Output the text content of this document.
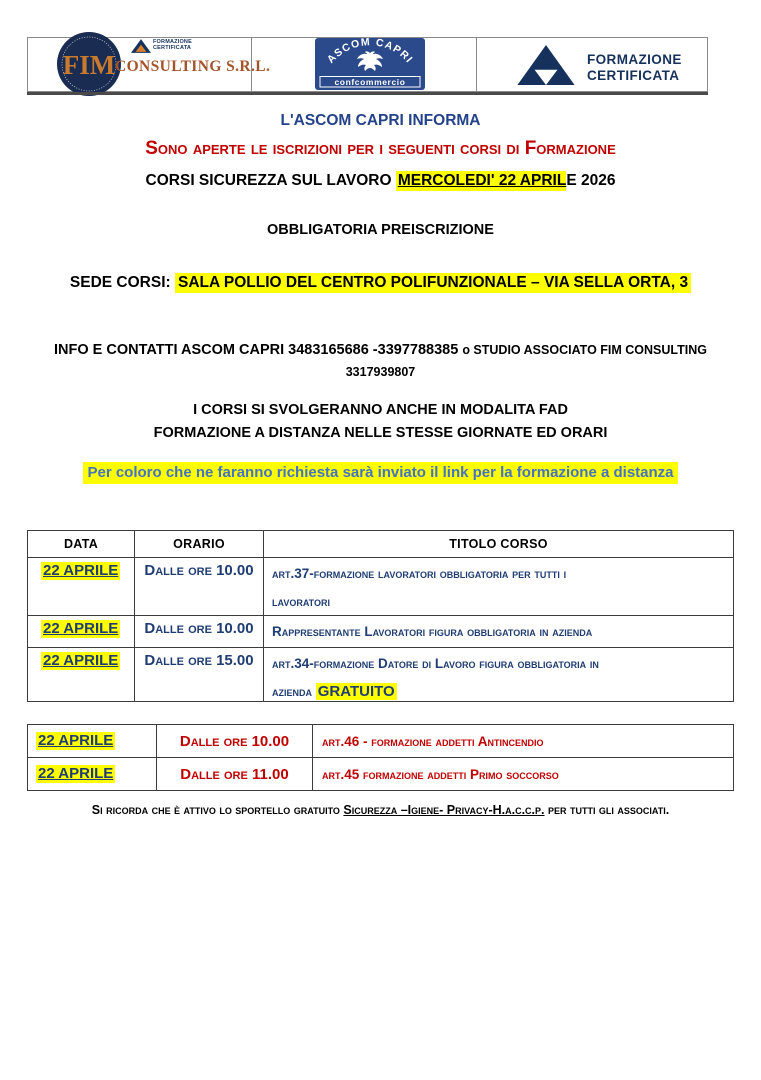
FORMAZIONE
CERTIFICATA
FIM CONSULTING S.R.L.	ASCOM CAPRI
confcommercio
FORMAZIONE
CERTIFICATA
L'ASCOM CAPRI INFORMA
Sono aperte le iscrizioni per i seguenti corsi di Formazione
CORSI SICUREZZA SUL LAVORO MERCOLEDI' 22 APRILE 2026
OBBLIGATORIA PREISCRIZIONE
SEDE CORSI: SALA POLLIO DEL CENTRO POLIFUNZIONALE – VIA SELLA ORTA, 3
INFO E CONTATTI ASCOM CAPRI 3483165686 -3397788385 o STUDIO ASSOCIATO FIM CONSULTING
3317939807
I CORSI SI SVOLGERANNO ANCHE IN MODALITA FAD
FORMAZIONE A DISTANZA NELLE STESSE GIORNATE ED ORARI
Per coloro che ne faranno richiesta sarà inviato il link per la formazione a distanza
DATA	ORARIO	TITOLO CORSO
22 APRILE	Dalle ore 10.00	art.37-formazione lavoratori obbligatoria per tutti i
lavoratori
22 APRILE	Dalle ore 10.00	Rappresentante Lavoratori figura obbligatoria in azienda
22 APRILE	Dalle ore 15.00	art.34-formazione Datore di Lavoro figura obbligatoria in
azienda GRATUITO
22 APRILE	Dalle ore 10.00	art.46 - formazione addetti Antincendio
22 APRILE	Dalle ore 11.00	art.45 formazione addetti Primo soccorso
Si ricorda che è attivo lo sportello gratuito Sicurezza –Igiene- Privacy-H.a.c.c.p. per tutti gli associati.
